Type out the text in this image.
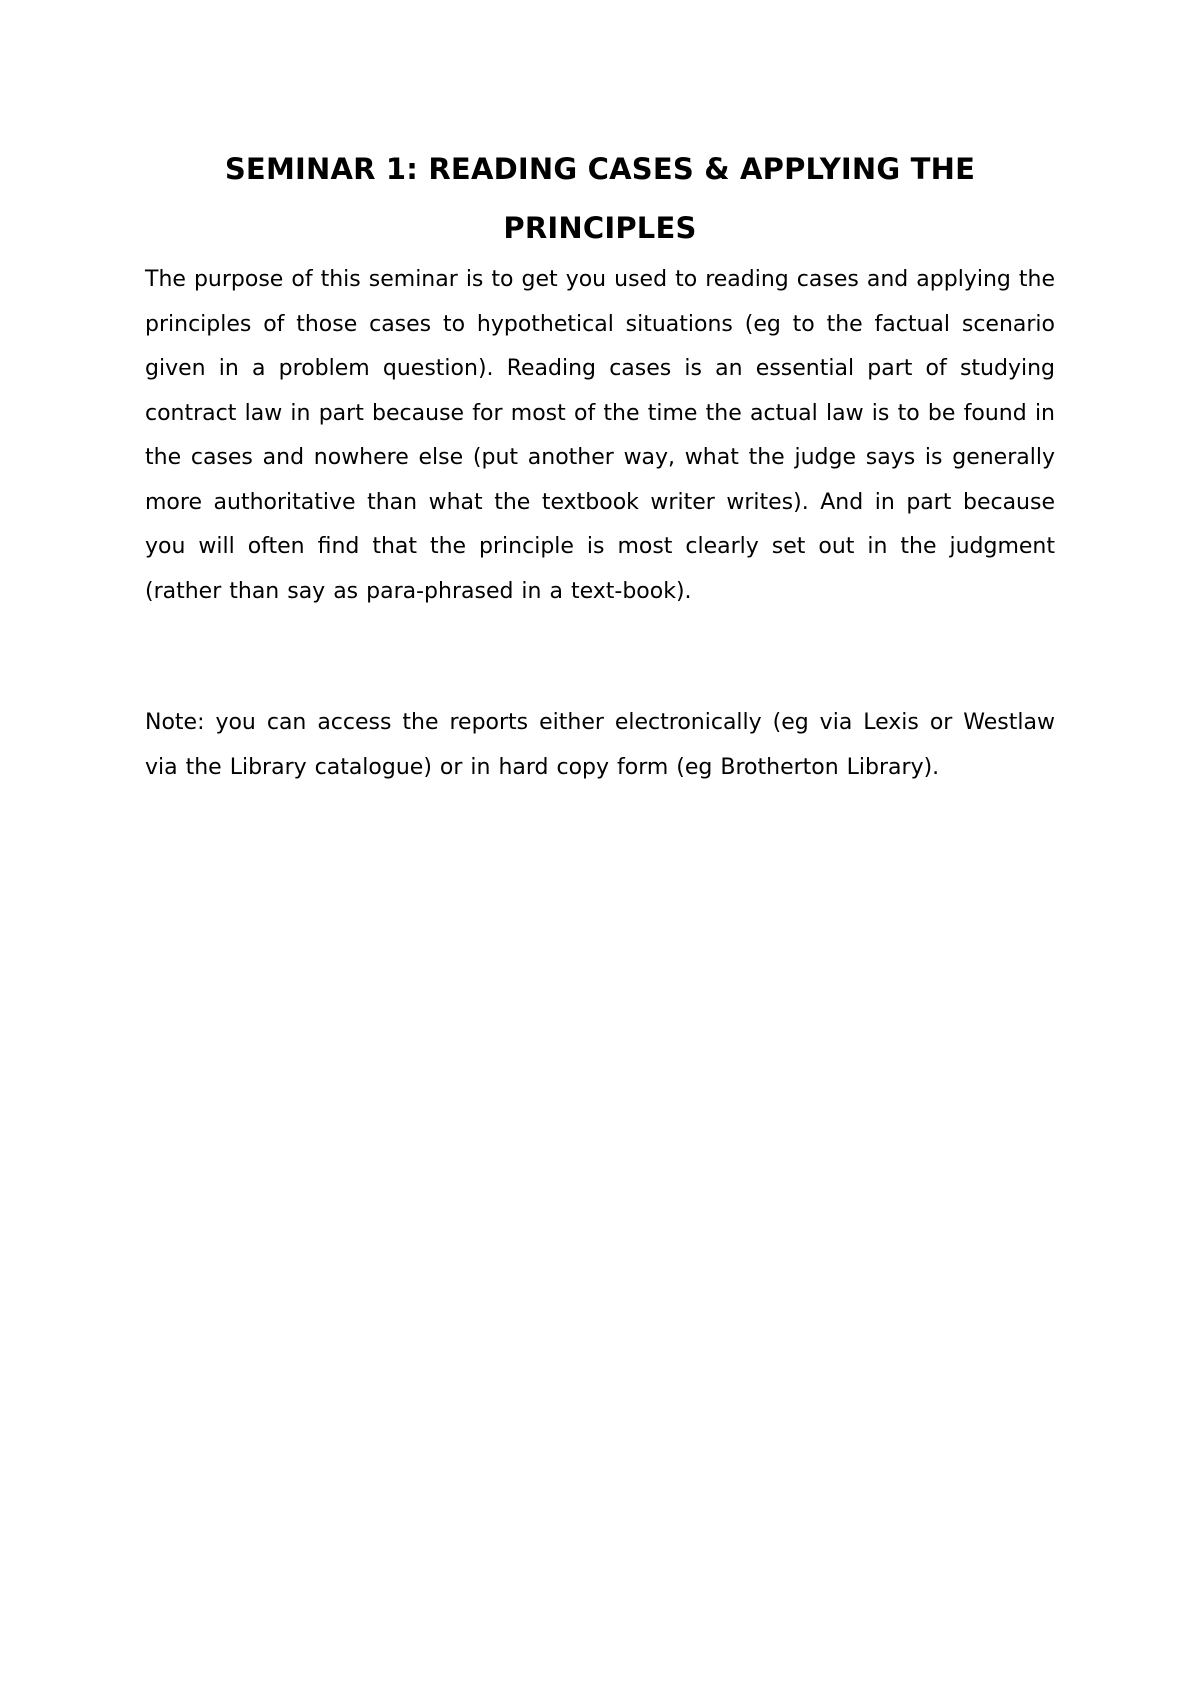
SEMINAR 1: READING CASES & APPLYING THE PRINCIPLES

The purpose of this seminar is to get you used to reading cases and applying the principles of those cases to hypothetical situations (eg to the factual scenario given in a problem question). Reading cases is an essential part of studying contract law in part because for most of the time the actual law is to be found in the cases and nowhere else (put another way, what the judge says is generally more authoritative than what the textbook writer writes). And in part because you will often find that the principle is most clearly set out in the judgment (rather than say as para-phrased in a text-book).

Note: you can access the reports either electronically (eg via Lexis or Westlaw via the Library catalogue) or in hard copy form (eg Brotherton Library).
